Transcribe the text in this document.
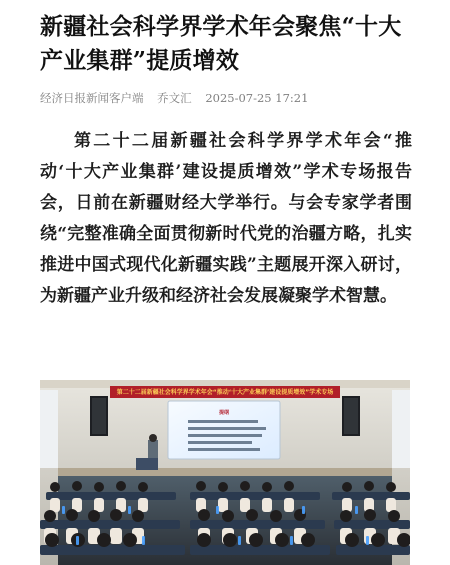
新疆社会科学界学术年会聚焦“十大产业集群”提质增效
经济日报新闻客户端 乔文汇 2025-07-25 17:21

第二十二届新疆社会科学界学术年会“推动‘十大产业集群’建设提质增效”学术专场报告会，日前在新疆财经大学举行。与会专家学者围绕“完整准确全面贯彻新时代党的治疆方略，扎实推进中国式现代化新疆实践”主题展开深入研讨，为新疆产业升级和经济社会发展凝聚学术智慧。

第二十二届新疆社会科学界学术年会“推动‘十大产业集群’建设提质增效”学术专场
提纲
